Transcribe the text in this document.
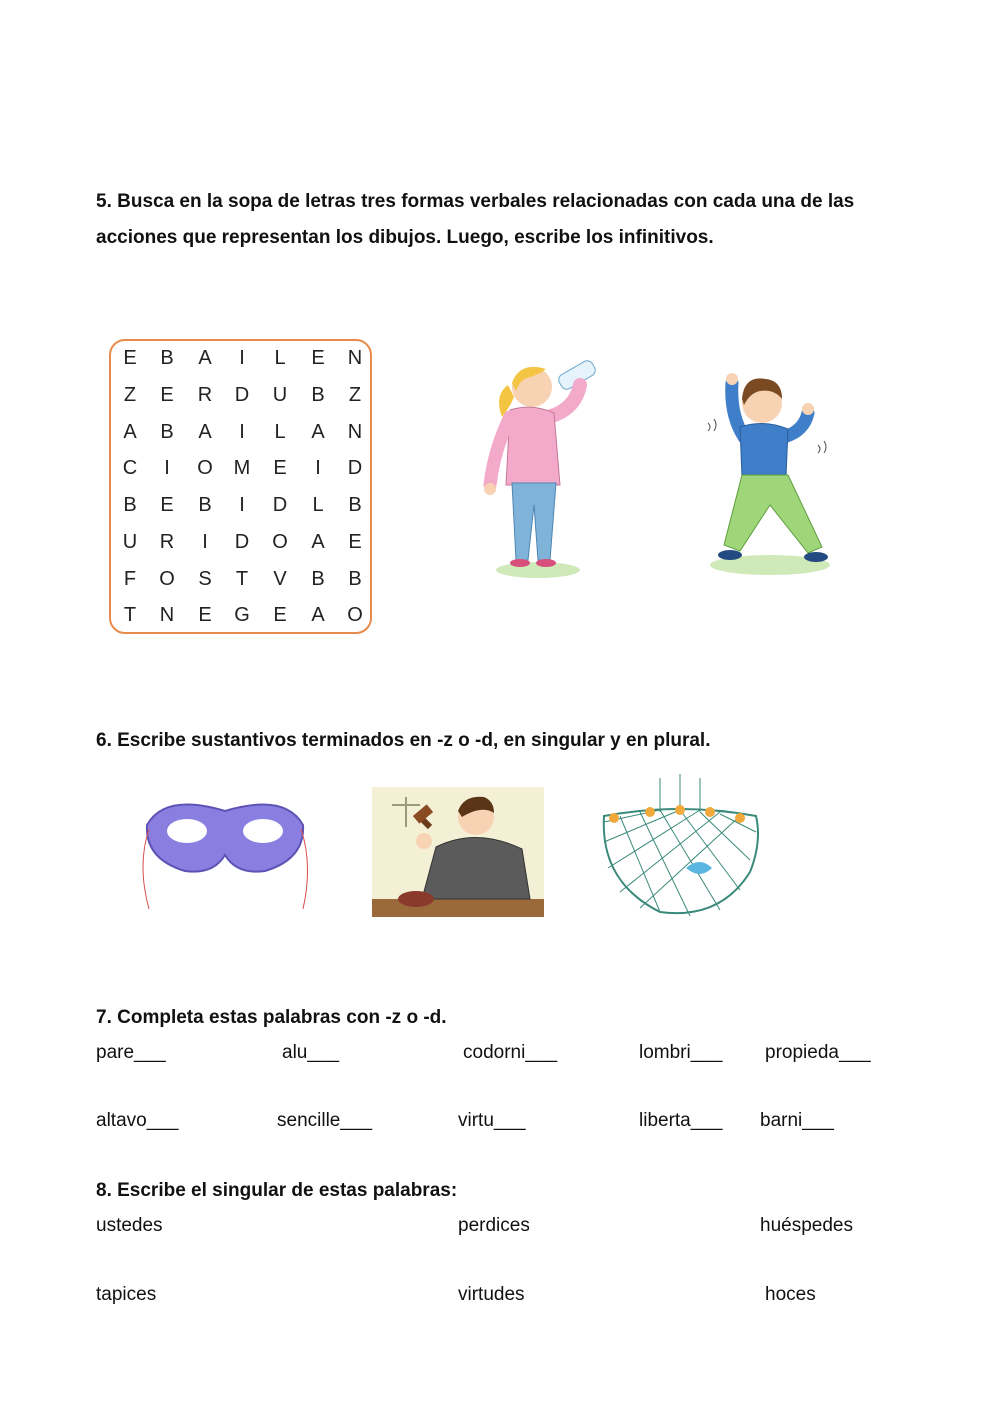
5. Busca en la sopa de letras tres formas verbales relacionadas con cada una de las
acciones que representan los dibujos. Luego, escribe los infinitivos.
E	B	A	I	L	E	N
Z	E	R	D	U	B	Z
A	B	A	I	L	A	N
C	I	O	M	E	I	D
B	E	B	I	D	L	B
U	R	I	D	O	A	E
F	O	S	T	V	B	B
T	N	E	G	E	A	O
6. Escribe sustantivos terminados en -z o -d, en singular y en plural.
7. Completa estas palabras con -z o -d.
pare___	alu___	codorni___	lombri___ propieda___
altavo___	sencille___	virtu___	liberta___ barni___
8. Escribe el singular de estas palabras:
ustedes	perdices	huéspedes
tapices	virtudes	hoces
